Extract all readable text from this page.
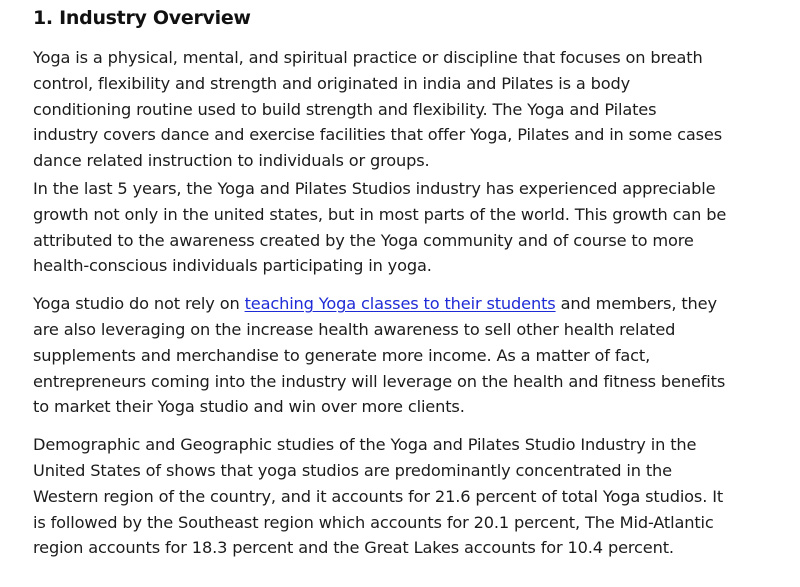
1. Industry Overview

Yoga is a physical, mental, and spiritual practice or discipline that focuses on breath
control, flexibility and strength and originated in india and Pilates is a body
conditioning routine used to build strength and flexibility. The Yoga and Pilates
industry covers dance and exercise facilities that offer Yoga, Pilates and in some cases
dance related instruction to individuals or groups.

In the last 5 years, the Yoga and Pilates Studios industry has experienced appreciable
growth not only in the united states, but in most parts of the world. This growth can be
attributed to the awareness created by the Yoga community and of course to more
health-conscious individuals participating in yoga.

Yoga studio do not rely on teaching Yoga classes to their students and members, they
are also leveraging on the increase health awareness to sell other health related
supplements and merchandise to generate more income. As a matter of fact,
entrepreneurs coming into the industry will leverage on the health and fitness benefits
to market their Yoga studio and win over more clients.

Demographic and Geographic studies of the Yoga and Pilates Studio Industry in the
United States of shows that yoga studios are predominantly concentrated in the
Western region of the country, and it accounts for 21.6 percent of total Yoga studios. It
is followed by the Southeast region which accounts for 20.1 percent, The Mid-Atlantic
region accounts for 18.3 percent and the Great Lakes accounts for 10.4 percent.
